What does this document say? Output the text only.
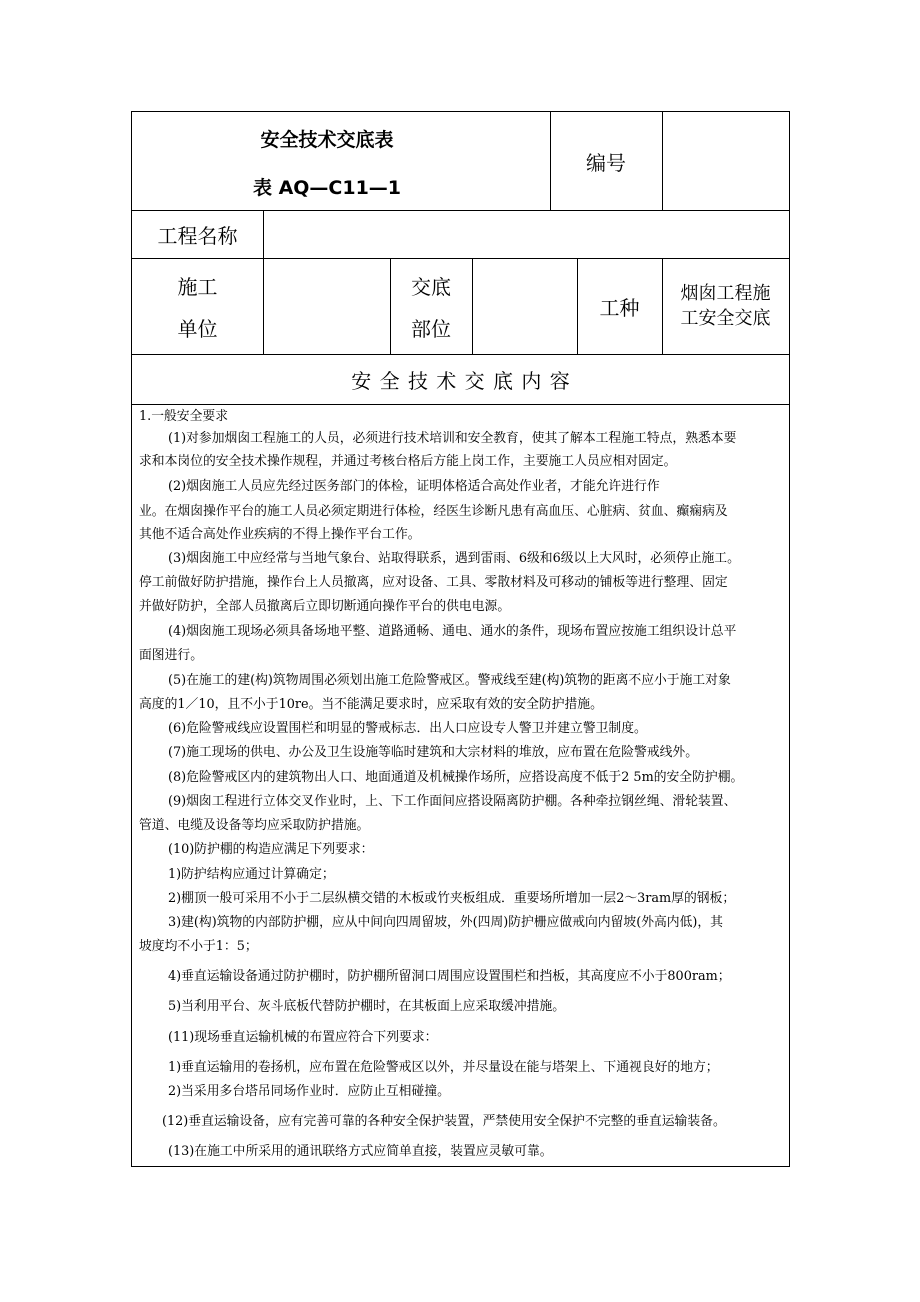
安全技术交底表
表 AQ—C11—1
编号
工程名称
施工
单位
交底
部位
工种
烟囱工程施
工安全交底
安 全 技 术 交 底 内 容
1.一般安全要求
(1)对参加烟囱工程施工的人员，必须进行技术培训和安全教育，使其了解本工程施工特点，熟悉本要
求和本岗位的安全技术操作规程，并通过考核台格后方能上岗工作，主要施工人员应相对固定。
(2)烟囱施工人员应先经过医务部门的体检，证明体格适合高处作业者，才能允许进行作
业。在烟囱操作平台的施工人员必须定期进行体检，经医生诊断凡患有高血压、心脏病、贫血、癫痫病及
其他不适合高处作业疾病的不得上操作平台工作。
(3)烟囱施工中应经常与当地气象台、站取得联系，遇到雷雨、6级和6级以上大风时，必须停止施工。
停工前做好防护措施，操作台上人员撤离，应对设备、工具、零散材料及可移动的铺板等进行整理、固定
并做好防护，全部人员撤离后立即切断通向操作平台的供电电源。
(4)烟囱施工现场必须具备场地平整、道路通畅、通电、通水的条件，现场布置应按施工组织设计总平
面图进行。
(5)在施工的建(构)筑物周围必须划出施工危险警戒区。警戒线至建(构)筑物的距离不应小于施工对象
高度的1／10，且不小于10re。当不能满足要求时，应采取有效的安全防护措施。
(6)危险警戒线应设置围栏和明显的警戒标志．出人口应设专人警卫并建立警卫制度。
(7)施工现场的供电、办公及卫生设施等临时建筑和大宗材料的堆放，应布置在危险警戒线外。
(8)危险警戒区内的建筑物出人口、地面通道及机械操作场所，应搭设高度不低于2 5m的安全防护棚。
(9)烟囱工程进行立体交叉作业时，上、下工作面间应搭设隔离防护棚。各种牵拉钢丝绳、滑轮装置、
管道、电缆及设备等均应采取防护措施。
(10)防护棚的构造应满足下列要求：
1)防护结构应通过计算确定；
2)棚顶一般可采用不小于二层纵横交错的木板或竹夹板组成．重要场所增加一层2～3ram厚的钢板；
3)建(构)筑物的内部防护棚，应从中间向四周留坡，外(四周)防护栅应做戒向内留坡(外高内低)，其
坡度均不小于1：5；
4)垂直运输设备通过防护棚时，防护棚所留洞口周围应设置围栏和挡板，其高度应不小于800ram；
5)当利用平台、灰斗底板代替防护棚时，在其板面上应采取缓冲措施。
(11)现场垂直运输机械的布置应符合下列要求：
1)垂直运输用的卷扬机，应布置在危险警戒区以外，并尽量设在能与塔架上、下通视良好的地方；
2)当采用多台塔吊同场作业时．应防止互相碰撞。
(12)垂直运输设备，应有完善可靠的各种安全保护装置，严禁使用安全保护不完整的垂直运输装备。
(13)在施工中所采用的通讯联络方式应简单直接，装置应灵敏可靠。
